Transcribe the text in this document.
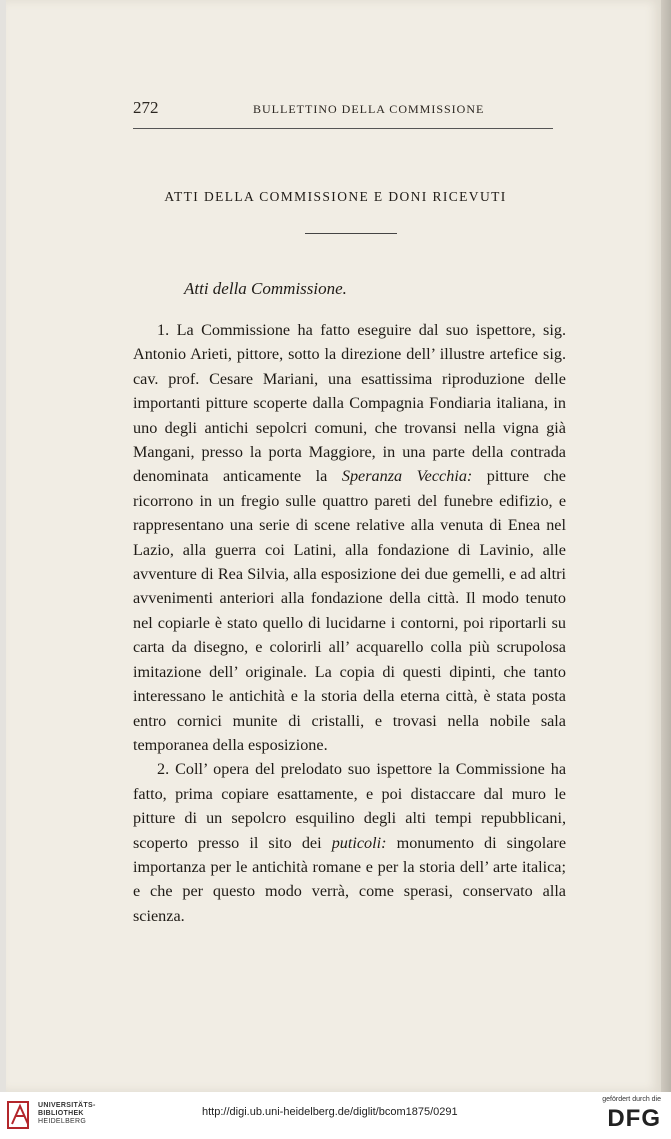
272	BULLETTINO DELLA COMMISSIONE
ATTI DELLA COMMISSIONE E DONI RICEVUTI
Atti della Commissione.

1. La Commissione ha fatto eseguire dal suo ispettore, sig. Antonio Arieti, pittore, sotto la direzione dell’ illustre artefice sig. cav. prof. Cesare Mariani, una esattissima riproduzione delle importanti pitture scoperte dalla Compagnia Fondiaria italiana, in uno degli antichi sepolcri comuni, che trovansi nella vigna già Mangani, presso la porta Maggiore, in una parte della contrada denominata anticamente la Speranza Vecchia: pitture che ricorrono in un fregio sulle quattro pareti del funebre edifizio, e rappresentano una serie di scene relative alla venuta di Enea nel Lazio, alla guerra coi Latini, alla fondazione di Lavinio, alle avventure di Rea Silvia, alla esposizione dei due gemelli, e ad altri avvenimenti anteriori alla fondazione della città. Il modo tenuto nel copiarle è stato quello di lucidarne i contorni, poi riportarli su carta da disegno, e colorirli all’ acquarello colla più scrupolosa imitazione dell’ originale. La copia di questi dipinti, che tanto interessano le antichità e la storia della eterna città, è stata posta entro cornici munite di cristalli, e trovasi nella nobile sala temporanea della esposizione.

2. Coll’ opera del prelodato suo ispettore la Commissione ha fatto, prima copiare esattamente, e poi distaccare dal muro le pitture di un sepolcro esquilino degli alti tempi repubblicani, scoperto presso il sito dei puticoli: monumento di singolare importanza per le antichità romane e per la storia dell’ arte italica; e che per questo modo verrà, come sperasi, conservato alla scienza.

UNIVERSITÄTS-
BIBLIOTHEK
HEIDELBERG
http://digi.ub.uni-heidelberg.de/diglit/bcom1875/0291
gefördert durch die
DFG
